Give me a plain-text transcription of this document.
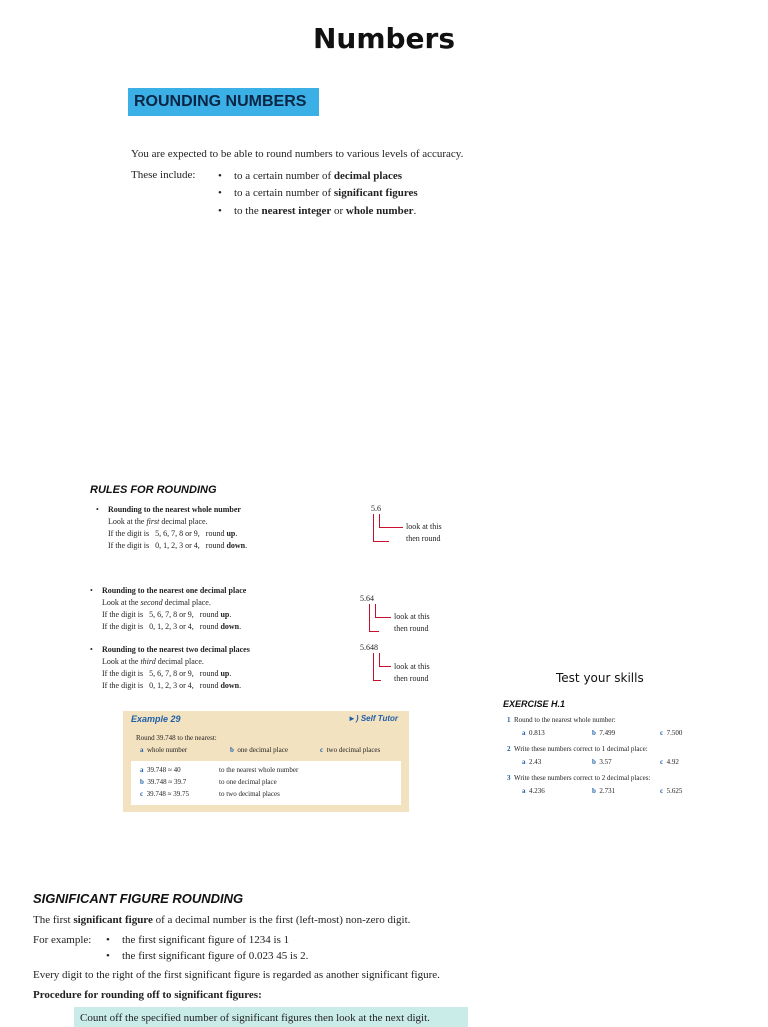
Numbers
ROUNDING NUMBERS
You are expected to be able to round numbers to various levels of accuracy.
These include: •	to a certain number of decimal places
•to a certain number of significant figures
•to the nearest integer or whole number.
RULES FOR ROUNDING
•Rounding to the nearest whole number
Look at the first decimal place.
If the digit is 5, 6, 7, 8 or 9, round up.
If the digit is 0, 1, 2, 3 or 4, round down.
5.6
look at this
then round
•Rounding to the nearest one decimal place
Look at the second decimal place.
If the digit is 5, 6, 7, 8 or 9, round up.
If the digit is 0, 1, 2, 3 or 4, round down.
5.64
look at this
then round
•Rounding to the nearest two decimal places
Look at the third decimal place.
If the digit is 5, 6, 7, 8 or 9, round up.
If the digit is 0, 1, 2, 3 or 4, round down.
5.648
look at this
then round
Example 29	►) Self Tutor
Round 39.748 to the nearest:
a whole number	b one decimal place	c two decimal places
a 39.748 ≈ 40	to the nearest whole number
b 39.748 ≈ 39.7	to one decimal place
c 39.748 ≈ 39.75	to two decimal places
Test your skills
EXERCISE H.1
1 Round to the nearest whole number:
a 0.813	b 7.499	c 7.500
2 Write these numbers correct to 1 decimal place:
a 2.43	b 3.57	c 4.92
3 Write these numbers correct to 2 decimal places:
a 4.236	b 2.731	c 5.625
SIGNIFICANT FIGURE ROUNDING
The first significant figure of a decimal number is the first (left-most) non-zero digit.
For example: •	the first significant figure of 1234 is 1
•the first significant figure of 0.023 45 is 2.
Every digit to the right of the first significant figure is regarded as another significant figure.
Procedure for rounding off to significant figures:
Count off the specified number of significant figures then look at the next digit.
